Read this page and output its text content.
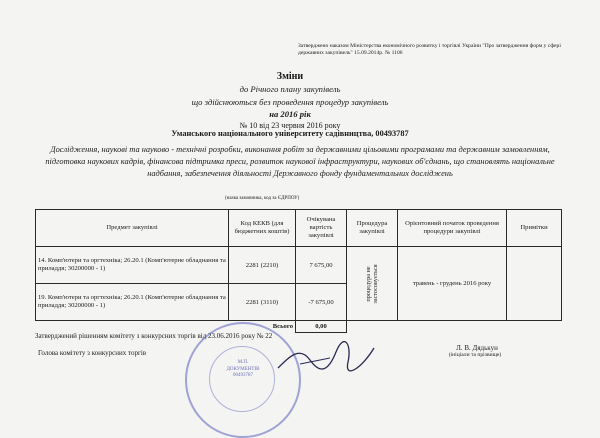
Затверджено наказом Міністерства економічного розвитку і торгівлі України "Про затвердження форм у сфері державних закупівель" 15.09.2014р. № 1106
Зміни
до Річного плану закупівель
що здійснюються без проведення процедур закупівель
на 2016 рік
№ 10 від 23 червня 2016 року
Уманського національного університету садівництва, 00493787
Дослідження, наукові та науково - технічні розробки, виконання робіт за державними цільовими програмами та державним замовленням, підготовка наукових кадрів, фінансова підтримка преси, розвиток наукової інфраструктури, наукових об'єднань, що становлять національне надбання, забезпечення діяльності Державного фонду фундаментальних досліджень
(назва замовника, код за ЄДРПОУ)
Предмет закупівлі	Код КЕКВ (для бюджетних коштів)	Очікувана вартість закупівлі	Процедура закупівлі	Орієнтовний початок проведення процедури закупівлі	Примітки
14. Комп'ютери та оргтехніка; 26.20.1 (Комп'ютерне обладнання та приладдя; 30200000 - 1)	2281 (2210)	7 675,00	процедура не застосовується	травень - грудень 2016 року	
19. Комп'ютери та оргтехніка; 26.20.1 (Комп'ютерне обладнання та приладдя; 30200000 - 1)	2281 (3110)	-7 675,00			
Всього		0,00			
Затверджений рішенням комітету з конкурсних торгів від 23.06.2016 року № 22
Голова комітету з конкурсних торгів
Л. В. Дядькун
(ініціали та прізвище)
М.П.
ДОКУМЕНТІВ
00493787
